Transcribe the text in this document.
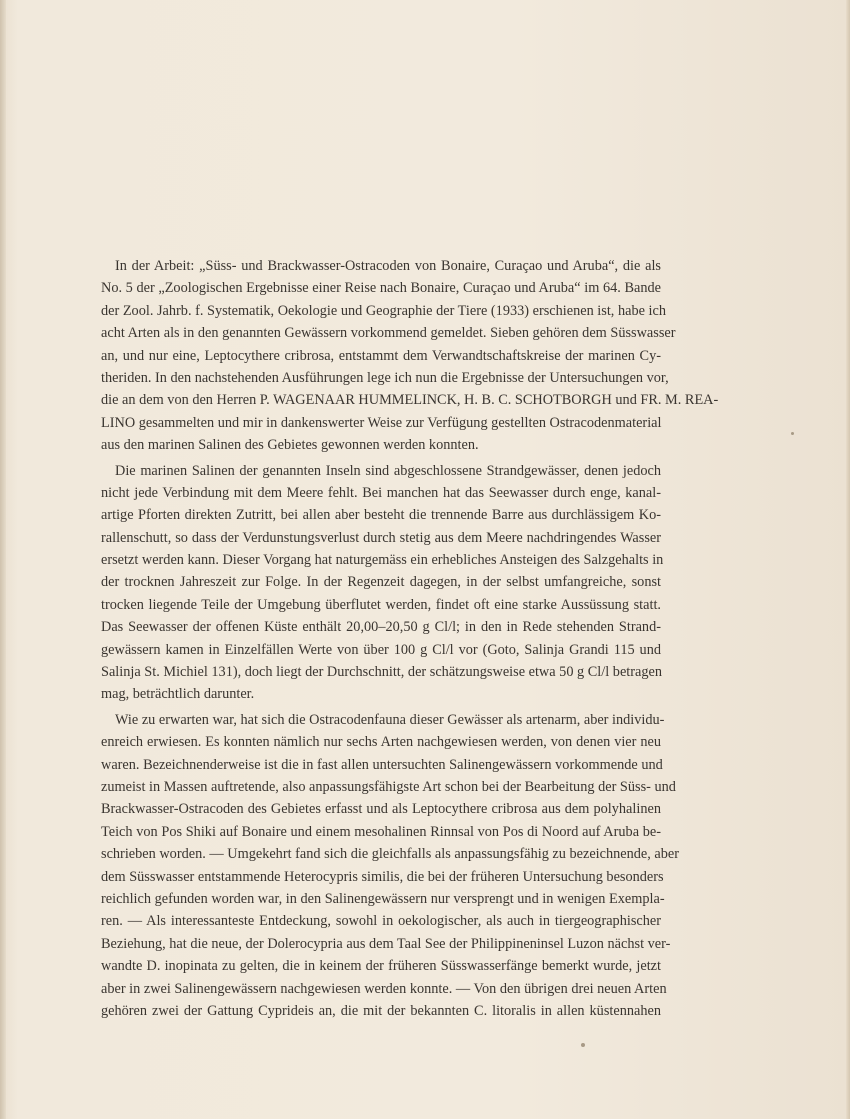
In der Arbeit: „Süss- und Brackwasser-Ostracoden von Bonaire, Curaçao und Aruba“, die als
No. 5 der „Zoologischen Ergebnisse einer Reise nach Bonaire, Curaçao und Aruba“ im 64. Bande
der Zool. Jahrb. f. Systematik, Oekologie und Geographie der Tiere (1933) erschienen ist, habe ich
acht Arten als in den genannten Gewässern vorkommend gemeldet. Sieben gehören dem Süsswasser
an, und nur eine, Leptocythere cribrosa, entstammt dem Verwandtschaftskreise der marinen Cy-
theriden. In den nachstehenden Ausführungen lege ich nun die Ergebnisse der Untersuchungen vor,
die an dem von den Herren P. WAGENAAR HUMMELINCK, H. B. C. SCHOTBORGH und FR. M. REA-
LINO gesammelten und mir in dankenswerter Weise zur Verfügung gestellten Ostracodenmaterial
aus den marinen Salinen des Gebietes gewonnen werden konnten.
Die marinen Salinen der genannten Inseln sind abgeschlossene Strandgewässer, denen jedoch
nicht jede Verbindung mit dem Meere fehlt. Bei manchen hat das Seewasser durch enge, kanal-
artige Pforten direkten Zutritt, bei allen aber besteht die trennende Barre aus durchlässigem Ko-
rallenschutt, so dass der Verdunstungsverlust durch stetig aus dem Meere nachdringendes Wasser
ersetzt werden kann. Dieser Vorgang hat naturgemäss ein erhebliches Ansteigen des Salzgehalts in
der trocknen Jahreszeit zur Folge. In der Regenzeit dagegen, in der selbst umfangreiche, sonst
trocken liegende Teile der Umgebung überflutet werden, findet oft eine starke Aussüssung statt.
Das Seewasser der offenen Küste enthält 20,00–20,50 g Cl/l; in den in Rede stehenden Strand-
gewässern kamen in Einzelfällen Werte von über 100 g Cl/l vor (Goto, Salinja Grandi 115 und
Salinja St. Michiel 131), doch liegt der Durchschnitt, der schätzungsweise etwa 50 g Cl/l betragen
mag, beträchtlich darunter.
Wie zu erwarten war, hat sich die Ostracodenfauna dieser Gewässer als artenarm, aber individu-
enreich erwiesen. Es konnten nämlich nur sechs Arten nachgewiesen werden, von denen vier neu
waren. Bezeichnenderweise ist die in fast allen untersuchten Salinengewässern vorkommende und
zumeist in Massen auftretende, also anpassungsfähigste Art schon bei der Bearbeitung der Süss- und
Brackwasser-Ostracoden des Gebietes erfasst und als Leptocythere cribrosa aus dem polyhalinen
Teich von Pos Shiki auf Bonaire und einem mesohalinen Rinnsal von Pos di Noord auf Aruba be-
schrieben worden. — Umgekehrt fand sich die gleichfalls als anpassungsfähig zu bezeichnende, aber
dem Süsswasser entstammende Heterocypris similis, die bei der früheren Untersuchung besonders
reichlich gefunden worden war, in den Salinengewässern nur versprengt und in wenigen Exempla-
ren. — Als interessanteste Entdeckung, sowohl in oekologischer, als auch in tiergeographischer
Beziehung, hat die neue, der Dolerocypria aus dem Taal See der Philippineninsel Luzon nächst ver-
wandte D. inopinata zu gelten, die in keinem der früheren Süsswasserfänge bemerkt wurde, jetzt
aber in zwei Salinengewässern nachgewiesen werden konnte. — Von den übrigen drei neuen Arten
gehören zwei der Gattung Cyprideis an, die mit der bekannten C. litoralis in allen küstennahen
